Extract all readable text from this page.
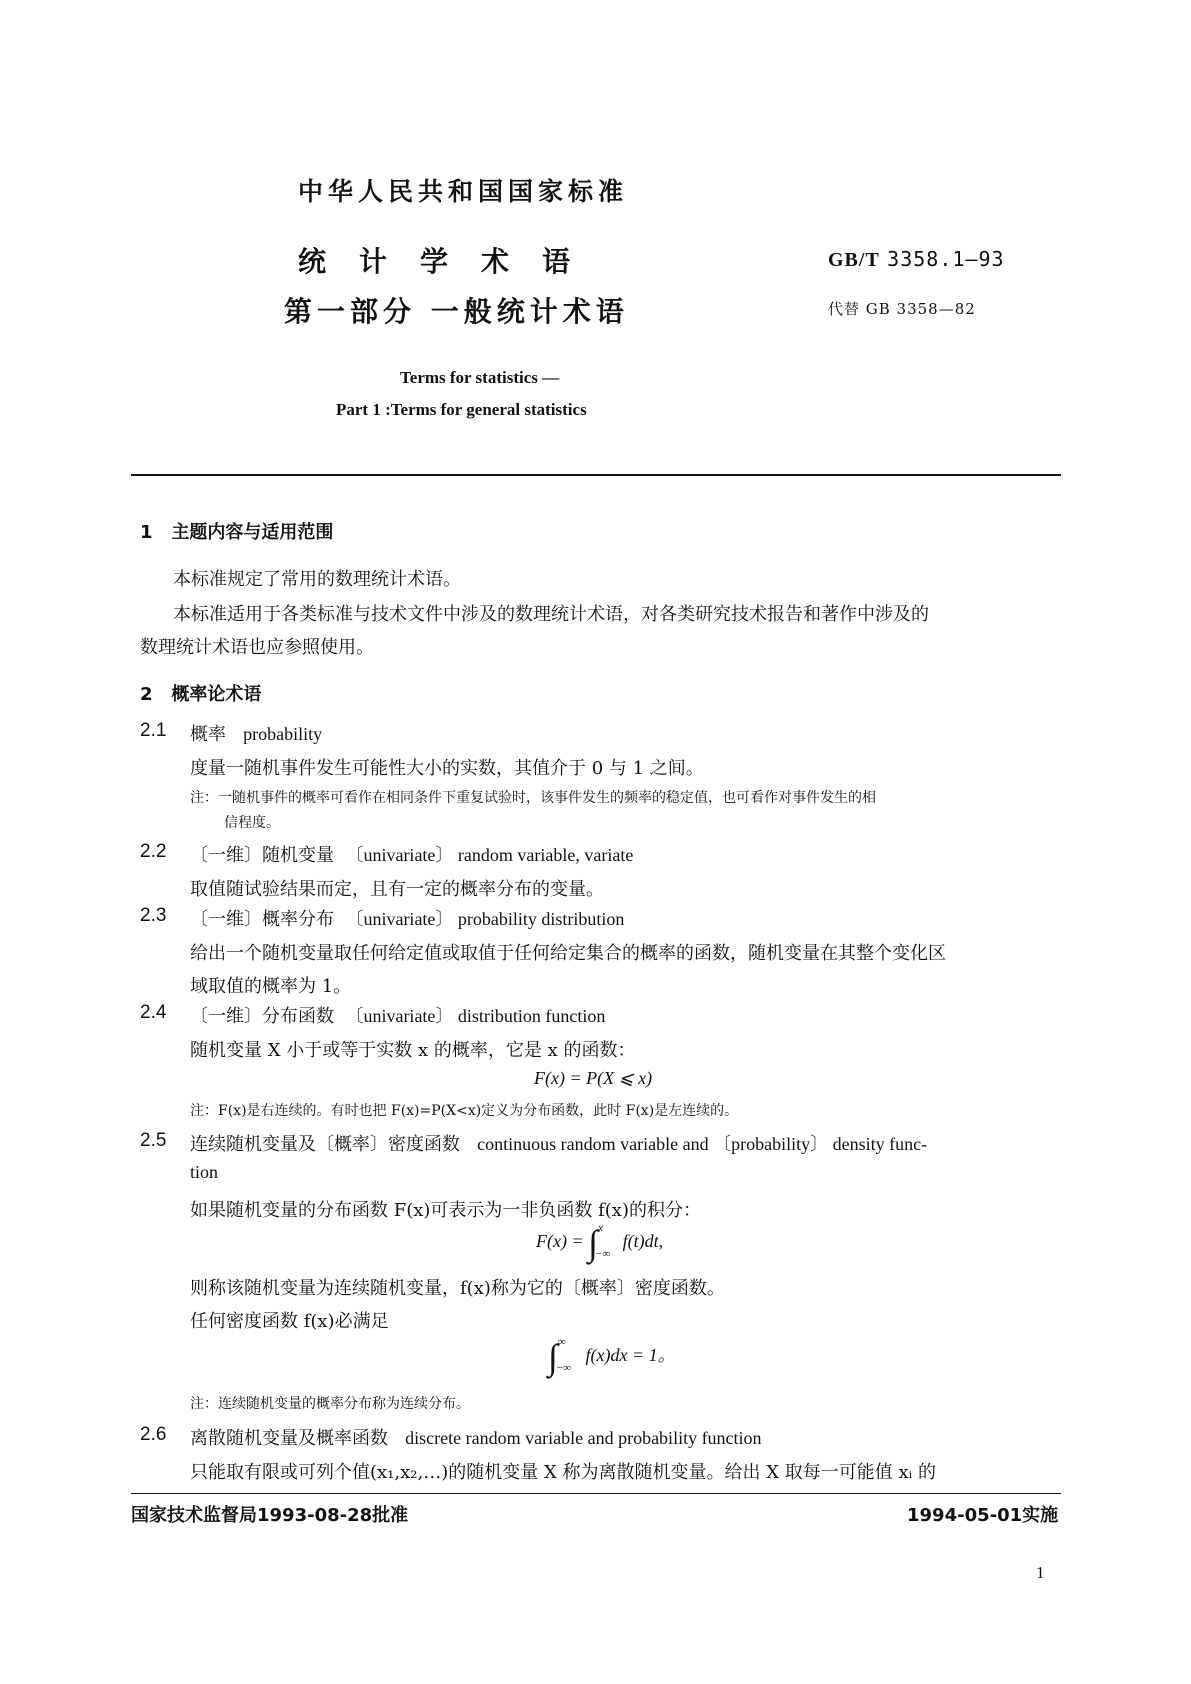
中华人民共和国国家标准
统计学术语
第一部分 一般统计术语
GB/T 3358.1—93
代替 GB 3358—82
Terms for statistics —
Part 1 :Terms for general statistics
1 主题内容与适用范围
本标准规定了常用的数理统计术语。
本标准适用于各类标准与技术文件中涉及的数理统计术语，对各类研究技术报告和著作中涉及的
数理统计术语也应参照使用。
2 概率论术语
2.1 概率 probability
度量一随机事件发生可能性大小的实数，其值介于 0 与 1 之间。
注：一随机事件的概率可看作在相同条件下重复试验时，该事件发生的频率的稳定值，也可看作对事件发生的相
信程度。
2.2 〔一维〕随机变量 〔univariate〕 random variable, variate
取值随试验结果而定，且有一定的概率分布的变量。
2.3 〔一维〕概率分布 〔univariate〕 probability distribution
给出一个随机变量取任何给定值或取值于任何给定集合的概率的函数，随机变量在其整个变化区
域取值的概率为 1。
2.4 〔一维〕分布函数 〔univariate〕 distribution function
随机变量 X 小于或等于实数 x 的概率，它是 x 的函数：
F(x) = P(X ⩽ x)
注：F(x)是右连续的。有时也把 F(x)=P(X<x)定义为分布函数，此时 F(x)是左连续的。
2.5 连续随机变量及〔概率〕密度函数 continuous random variable and 〔probability〕 density func-
tion
如果随机变量的分布函数 F(x)可表示为一非负函数 f(x)的积分：
F(x) = ∫$^x_{-\infty}$ f(t)dt,
则称该随机变量为连续随机变量，f(x)称为它的〔概率〕密度函数。
任何密度函数 f(x)必满足
$\int^\infty_{-\infty}$ f(x)dx = 1。
注：连续随机变量的概率分布称为连续分布。
2.6 离散随机变量及概率函数 discrete random variable and probability function
只能取有限或可列个值(x₁,x₂,…)的随机变量 X 称为离散随机变量。给出 X 取每一可能值 xᵢ 的
国家技术监督局1993-08-28批准	1994-05-01实施
1
